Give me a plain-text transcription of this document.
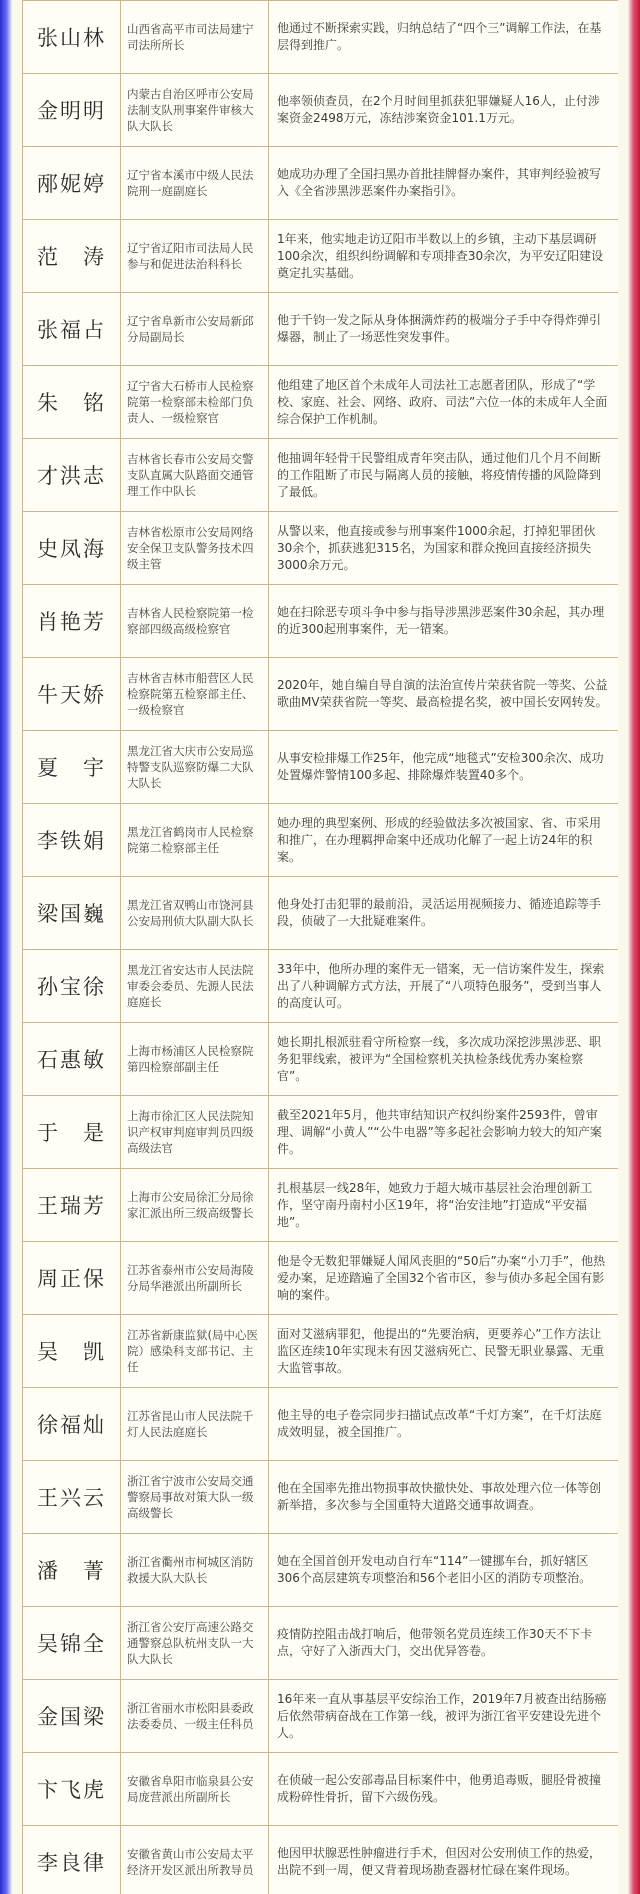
张山林	山西省高平市司法局建宁司法所所长	他通过不断探索实践，归纳总结了“四个三”调解工作法，在基层得到推广。
金明明	内蒙古自治区呼市公安局法制支队刑事案件审核大队大队长	他率领侦查员，在2个月时间里抓获犯罪嫌疑人16人，止付涉案资金2498万元，冻结涉案资金101.1万元。
邴妮婷	辽宁省本溪市中级人民法院刑一庭副庭长	她成功办理了全国扫黑办首批挂牌督办案件，其审判经验被写入《全省涉黑涉恶案件办案指引》。
范　涛	辽宁省辽阳市司法局人民参与和促进法治科科长	1年来，他实地走访辽阳市半数以上的乡镇，主动下基层调研100余次，组织纠纷调解和专项排查30余次，为平安辽阳建设奠定扎实基础。
张福占	辽宁省阜新市公安局新邱分局副局长	他于千钧一发之际从身体捆满炸药的极端分子手中夺得炸弹引爆器，制止了一场恶性突发事件。
朱　铭	辽宁省大石桥市人民检察院第一检察部未检部门负责人、一级检察官	他组建了地区首个未成年人司法社工志愿者团队，形成了“学校、家庭、社会、网络、政府、司法”六位一体的未成年人全面综合保护工作机制。
才洪志	吉林省长春市公安局交警支队直属大队路面交通管理工作中队长	他抽调年轻骨干民警组成青年突击队，通过他们几个月不间断的工作阻断了市民与隔离人员的接触，将疫情传播的风险降到了最低。
史凤海	吉林省松原市公安局网络安全保卫支队警务技术四级主管	从警以来，他直接或参与刑事案件1000余起，打掉犯罪团伙30余个，抓获逃犯315名，为国家和群众挽回直接经济损失3000余万元。
肖艳芳	吉林省人民检察院第一检察部四级高级检察官	她在扫除恶专项斗争中参与指导涉黑涉恶案件30余起，其办理的近300起刑事案件，无一错案。
牛天娇	吉林省吉林市船营区人民检察院第五检察部主任、一级检察官	2020年，她自编自导自演的法治宣传片荣获省院一等奖、公益歌曲MV荣获省院一等奖、最高检提名奖，被中国长安网转发。
夏　宇	黑龙江省大庆市公安局巡特警支队巡察防爆二大队大队长	从事安检排爆工作25年，他完成“地毯式”安检300余次、成功处置爆炸警情100多起、排除爆炸装置40多个。
李铁娟	黑龙江省鹤岗市人民检察院第二检察部主任	她办理的典型案例、形成的经验做法多次被国家、省、市采用和推广，在办理羁押命案中还成功化解了一起上访24年的积案。
梁国巍	黑龙江省双鸭山市饶河县公安局刑侦大队副大队长	他身处打击犯罪的最前沿，灵活运用视频接力、循迹追踪等手段，侦破了一大批疑难案件。
孙宝徐	黑龙江省安达市人民法院审委会委员、先源人民法庭庭长	33年中，他所办理的案件无一错案，无一信访案件发生，探索出了八种调解方式方法，开展了“八项特色服务”，受到当事人的高度认可。
石惠敏	上海市杨浦区人民检察院第四检察部副主任	她长期扎根派驻看守所检察一线，多次成功深挖涉黑涉恶、职务犯罪线索，被评为“全国检察机关执检条线优秀办案检察官”。
于　是	上海市徐汇区人民法院知识产权审判庭审判员四级高级法官	截至2021年5月，他共审结知识产权纠纷案件2593件，曾审理、调解“小黄人”“公牛电器”等多起社会影响力较大的知产案件。
王瑞芳	上海市公安局徐汇分局徐家汇派出所三级高级警长	扎根基层一线28年，她致力于超大城市基层社会治理创新工作，坚守南丹南村小区19年，将“治安洼地”打造成“平安福地”。
周正保	江苏省泰州市公安局海陵分局华港派出所副所长	他是令无数犯罪嫌疑人闻风丧胆的“50后”办案“小刀手”，他热爱办案，足迹踏遍了全国32个省市区，参与侦办多起全国有影响的案件。
吴　凯	江苏省新康监狱(局中心医院）感染科支部书记、主任	面对艾滋病罪犯，他提出的“先要治病，更要养心”工作方法让监区连续10年实现未有因艾滋病死亡、民警无职业暴露、无重大监管事故。
徐福灿	江苏省昆山市人民法院千灯人民法庭庭长	他主导的电子卷宗同步扫描试点改革“千灯方案”，在千灯法庭成效明显，被全国推广。
王兴云	浙江省宁波市公安局交通警察局事故对策大队一级高级警长	他在全国率先推出物损事故快撤快处、事故处理六位一体等创新举措，多次参与全国重特大道路交通事故调查。
潘　菁	浙江省衢州市柯城区消防救援大队大队长	她在全国首创开发电动自行车“114”一键挪车台，抓好辖区306个高层建筑专项整治和56个老旧小区的消防专项整治。
吴锦全	浙江省公安厅高速公路交通警察总队杭州支队一大队大队长	疫情防控阻击战打响后，他带领名党员连续工作30天不下卡点，守好了入浙西大门，交出优异答卷。
金国梁	浙江省丽水市松阳县委政法委委员、一级主任科员	16年来一直从事基层平安综治工作，2019年7月被查出结肠癌后依然带病奋战在工作第一线，被评为浙江省平安建设先进个人。
卞飞虎	安徽省阜阳市临泉县公安局庞营派出所副所长	在侦破一起公安部毒品目标案件中，他勇追毒贩，腿胫骨被撞成粉碎性骨折，留下六级伤残。
李良律	安徽省黄山市公安局太平经济开发区派出所教导员	他因甲状腺恶性肿瘤进行手术，但因对公安刑侦工作的热爱，出院不到一周，便又背着现场勘查器材忙碌在案件现场。
